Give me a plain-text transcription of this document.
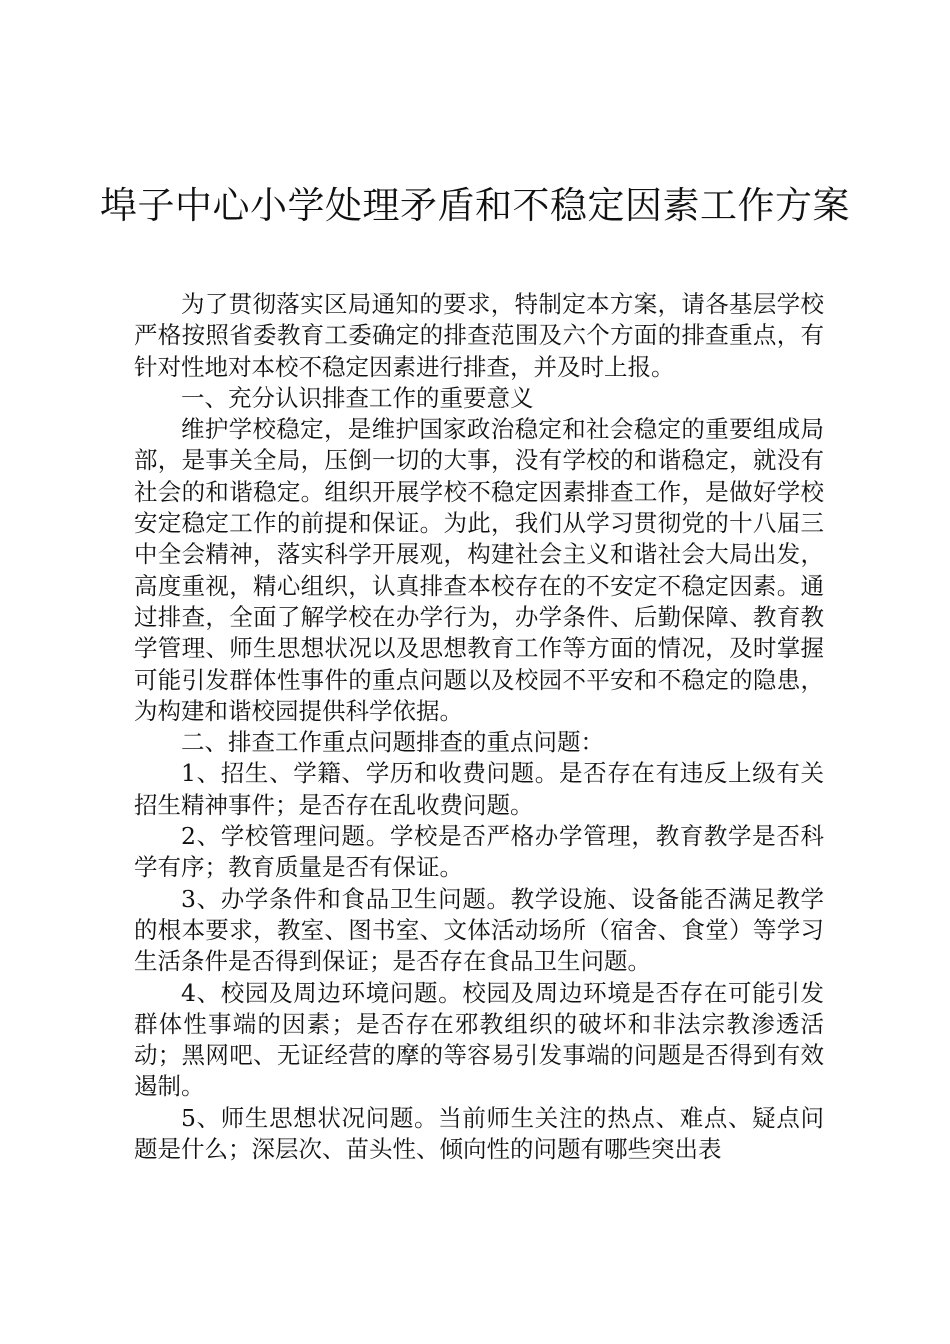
埠子中心小学处理矛盾和不稳定因素工作方案

为了贯彻落实区局通知的要求，特制定本方案，请各基层学校严格按照省委教育工委确定的排查范围及六个方面的排查重点，有针对性地对本校不稳定因素进行排查，并及时上报。

一、充分认识排查工作的重要意义

维护学校稳定，是维护国家政治稳定和社会稳定的重要组成局部，是事关全局，压倒一切的大事，没有学校的和谐稳定，就没有社会的和谐稳定。组织开展学校不稳定因素排查工作，是做好学校安定稳定工作的前提和保证。为此，我们从学习贯彻党的十八届三中全会精神，落实科学开展观，构建社会主义和谐社会大局出发，高度重视，精心组织，认真排查本校存在的不安定不稳定因素。通过排查，全面了解学校在办学行为，办学条件、后勤保障、教育教学管理、师生思想状况以及思想教育工作等方面的情况，及时掌握可能引发群体性事件的重点问题以及校园不平安和不稳定的隐患，为构建和谐校园提供科学依据。

二、排查工作重点问题排查的重点问题：

1、招生、学籍、学历和收费问题。是否存在有违反上级有关招生精神事件；是否存在乱收费问题。

2、学校管理问题。学校是否严格办学管理，教育教学是否科学有序；教育质量是否有保证。

3、办学条件和食品卫生问题。教学设施、设备能否满足教学的根本要求，教室、图书室、文体活动场所（宿舍、食堂）等学习生活条件是否得到保证；是否存在食品卫生问题。

4、校园及周边环境问题。校园及周边环境是否存在可能引发群体性事端的因素；是否存在邪教组织的破坏和非法宗教渗透活动；黑网吧、无证经营的摩的等容易引发事端的问题是否得到有效遏制。

5、师生思想状况问题。当前师生关注的热点、难点、疑点问题是什么；深层次、苗头性、倾向性的问题有哪些突出表
